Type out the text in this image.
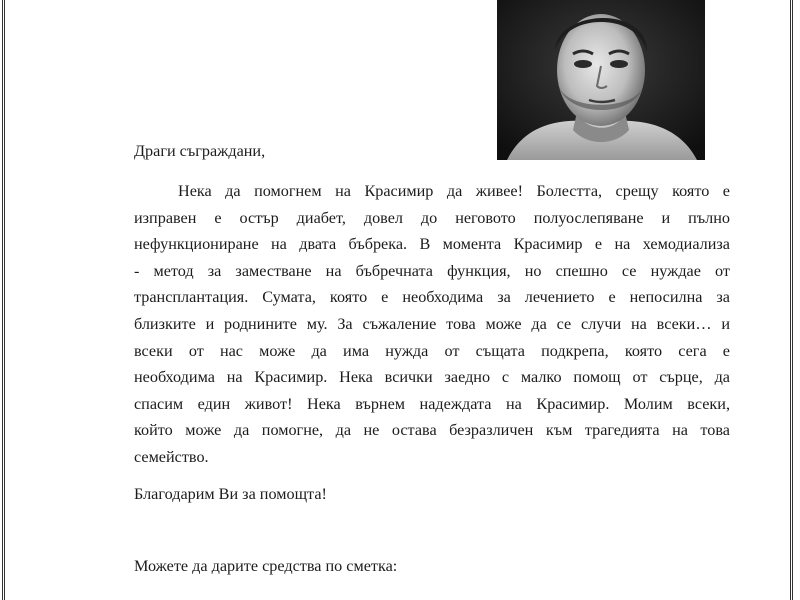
Драги съграждани,

Нека да помогнем на Красимир да живее! Болестта, срещу която е
изправен е остър диабет, довел до неговото полуослепяване и пълно
нефункциониране на двата бъбрека. В момента Красимир е на хемодиализа
- метод за заместване на бъбречната функция, но спешно се нуждае от
трансплантация. Сумата, която е необходима за лечението е непосилна за
близките и роднините му. За съжаление това може да се случи на всеки… и
всеки от нас може да има нужда от същата подкрепа, която сега е
необходима на Красимир. Нека всички заедно с малко помощ от сърце, да
спасим един живот! Нека върнем надеждата на Красимир. Молим всеки,
който може да помогне, да не остава безразличен към трагедията на това
семейство.

Благодарим Ви за помощта!

Можете да дарите средства по сметка:
